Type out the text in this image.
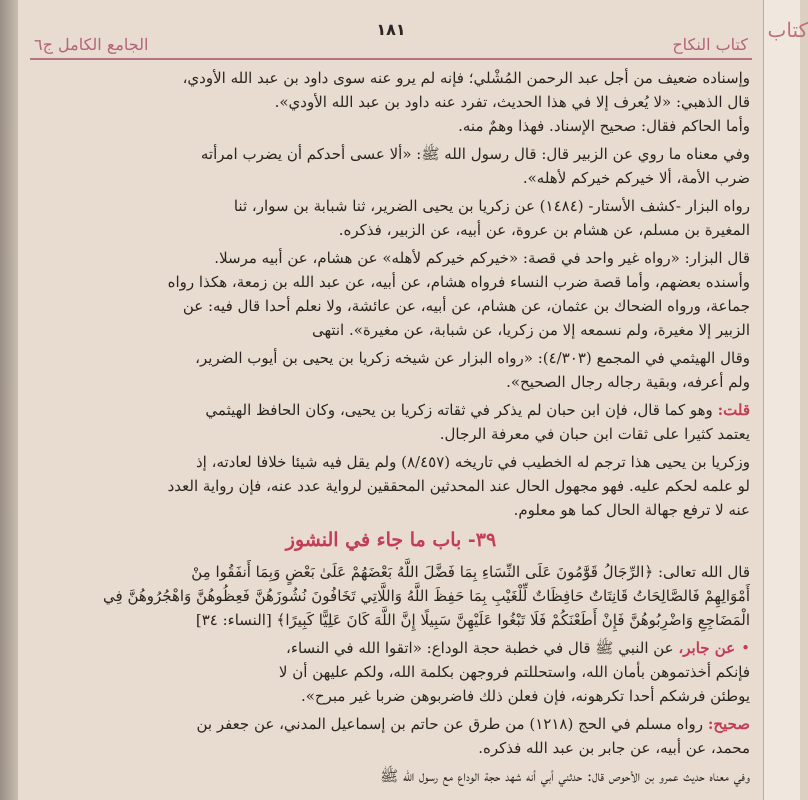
الجامع الكامل ج٦
١٨١
كتاب النكاح
وإسناده ضعيف من أجل عبد الرحمن المُشْلي؛ فإنه لم يرو عنه سوى داود بن عبد الله الأودي،
قال الذهبي: «لا يُعرف إلا في هذا الحديث، تفرد عنه داود بن عبد الله الأودي».
وأما الحاكم فقال: صحيح الإسناد. فهذا وهمٌ منه.
وفي معناه ما روي عن الزبير قال: قال رسول الله ﷺ: «ألا عسى أحدكم أن يضرب امرأته
ضرب الأمة، ألا خيركم خيركم لأهله».
رواه البزار -كشف الأستار- (١٤٨٤) عن زكريا بن يحيى الضرير، ثنا شبابة بن سوار، ثنا
المغيرة بن مسلم، عن هشام بن عروة، عن أبيه، عن الزبير، فذكره.
قال البزار: «رواه غير واحد في قصة: «خيركم خيركم لأهله» عن هشام، عن أبيه مرسلا.
وأسنده بعضهم، وأما قصة ضرب النساء فرواه هشام، عن أبيه، عن عبد الله بن زمعة، هكذا رواه
جماعة، ورواه الضحاك بن عثمان، عن هشام، عن أبيه، عن عائشة، ولا نعلم أحدا قال فيه: عن
الزبير إلا مغيرة، ولم نسمعه إلا من زكريا، عن شبابة، عن مغيرة». انتهى
وقال الهيثمي في المجمع (٤/٣٠٣): «رواه البزار عن شيخه زكريا بن يحيى بن أيوب الضرير،
ولم أعرفه، وبقية رجاله رجال الصحيح».
قلت: وهو كما قال، فإن ابن حبان لم يذكر في ثقاته زكريا بن يحيى، وكان الحافظ الهيثمي
يعتمد كثيرا على ثقات ابن حبان في معرفة الرجال.
وزكريا بن يحيى هذا ترجم له الخطيب في تاريخه (٨/٤٥٧) ولم يقل فيه شيئا خلافا لعادته، إذ
لو علمه لحكم عليه. فهو مجهول الحال عند المحدثين المحققين لرواية عدد عنه، فإن رواية العدد
عنه لا ترفع جهالة الحال كما هو معلوم.
٣٩- باب ما جاء في النشوز
قال الله تعالى: ﴿الرِّجَالُ قَوَّٰمُونَ عَلَى النِّسَاءِ بِمَا فَضَّلَ اللَّهُ بَعْضَهُمْ عَلَىٰ بَعْضٍ وَبِمَا أَنفَقُوا مِنْ
أَمْوَالِهِمْ فَالصَّالِحَاتُ قَانِتَاتٌ حَافِظَاتٌ لِّلْغَيْبِ بِمَا حَفِظَ اللَّهُ وَاللَّاتِي تَخَافُونَ نُشُوزَهُنَّ فَعِظُوهُنَّ وَاهْجُرُوهُنَّ فِي
الْمَضَاجِعِ وَاضْرِبُوهُنَّ فَإِنْ أَطَعْنَكُمْ فَلَا تَبْغُوا عَلَيْهِنَّ سَبِيلًا إِنَّ اللَّهَ كَانَ عَلِيًّا كَبِيرًا﴾ [النساء: ٣٤]
•عن جابر، عن النبي ﷺ قال في خطبة حجة الوداع: «اتقوا الله في النساء،
فإنكم أخذتموهن بأمان الله، واستحللتم فروجهن بكلمة الله، ولكم عليهن أن لا
يوطئن فرشكم أحدا تكرهونه، فإن فعلن ذلك فاضربوهن ضربا غير مبرح».
صحيح: رواه مسلم في الحج (١٢١٨) من طرق عن حاتم بن إسماعيل المدني، عن جعفر بن
محمد، عن أبيه، عن جابر بن عبد الله فذكره.
وفي معناه حديث عمرو بن الأحوص قال: حدثني أبي أنه شهد حجة الوداع مع رسول الله ﷺ
كتاب
